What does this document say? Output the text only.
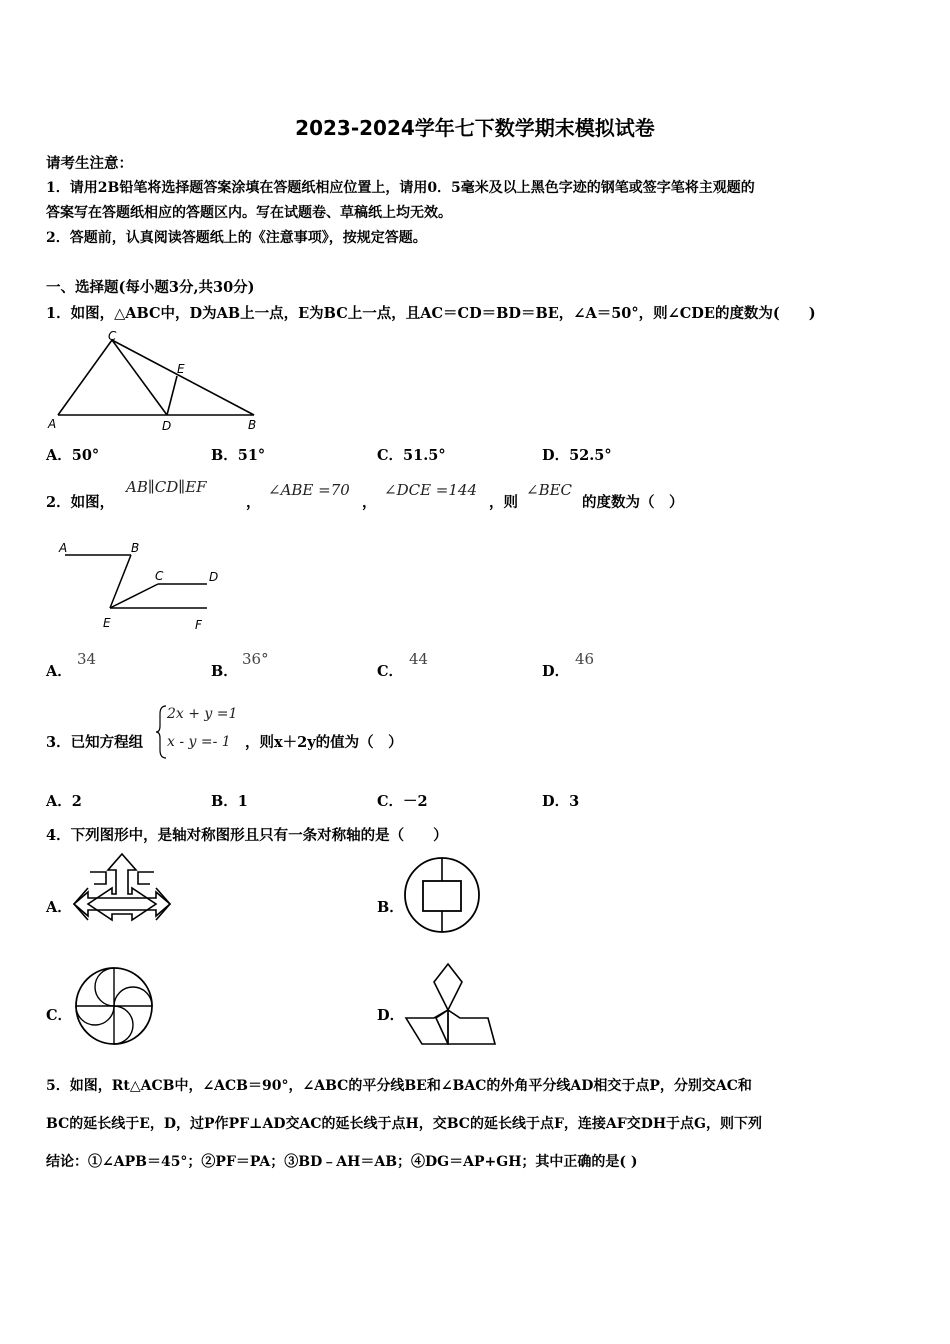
2023-2024学年七下数学期末模拟试卷
请考生注意：
1．请用2B铅笔将选择题答案涂填在答题纸相应位置上，请用0．5毫米及以上黑色字迹的钢笔或签字笔将主观题的
答案写在答题纸相应的答题区内。写在试题卷、草稿纸上均无效。
2．答题前，认真阅读答题纸上的《注意事项》，按规定答题。
一、选择题(每小题3分,共30分)
1．如图，△ABC中，D为AB上一点，E为BC上一点，且AC＝CD＝BD＝BE，∠A＝50°，则∠CDE的度数为(　　)
A
C
E
D	B
A．50°	B．51°	C．51.5°	D．52.5°
2．如图，
AB∥CD∥EF
，
∠ABE =70
，
∠DCE =144
，则
∠BEC
的度数为（　）
A	B
C	D
E	F
A．
34
B．
36°
C．
44
D．
46
3．已知方程组
2x + y =1
x - y =- 1 ，则x＋2y的值为（　）
A．2	B．1	C．－2	D．3
4．下列图形中，是轴对称图形且只有一条对称轴的是（　　）
A．	B．
C．	D．
5．如图，Rt△ACB中，∠ACB＝90°，∠ABC的平分线BE和∠BAC的外角平分线AD相交于点P，分别交AC和
BC的延长线于E，D，过P作PF⊥AD交AC的延长线于点H，交BC的延长线于点F，连接AF交DH于点G，则下列
结论：①∠APB＝45°；②PF＝PA；③BD﹣AH＝AB；④DG＝AP+GH；其中正确的是( )
